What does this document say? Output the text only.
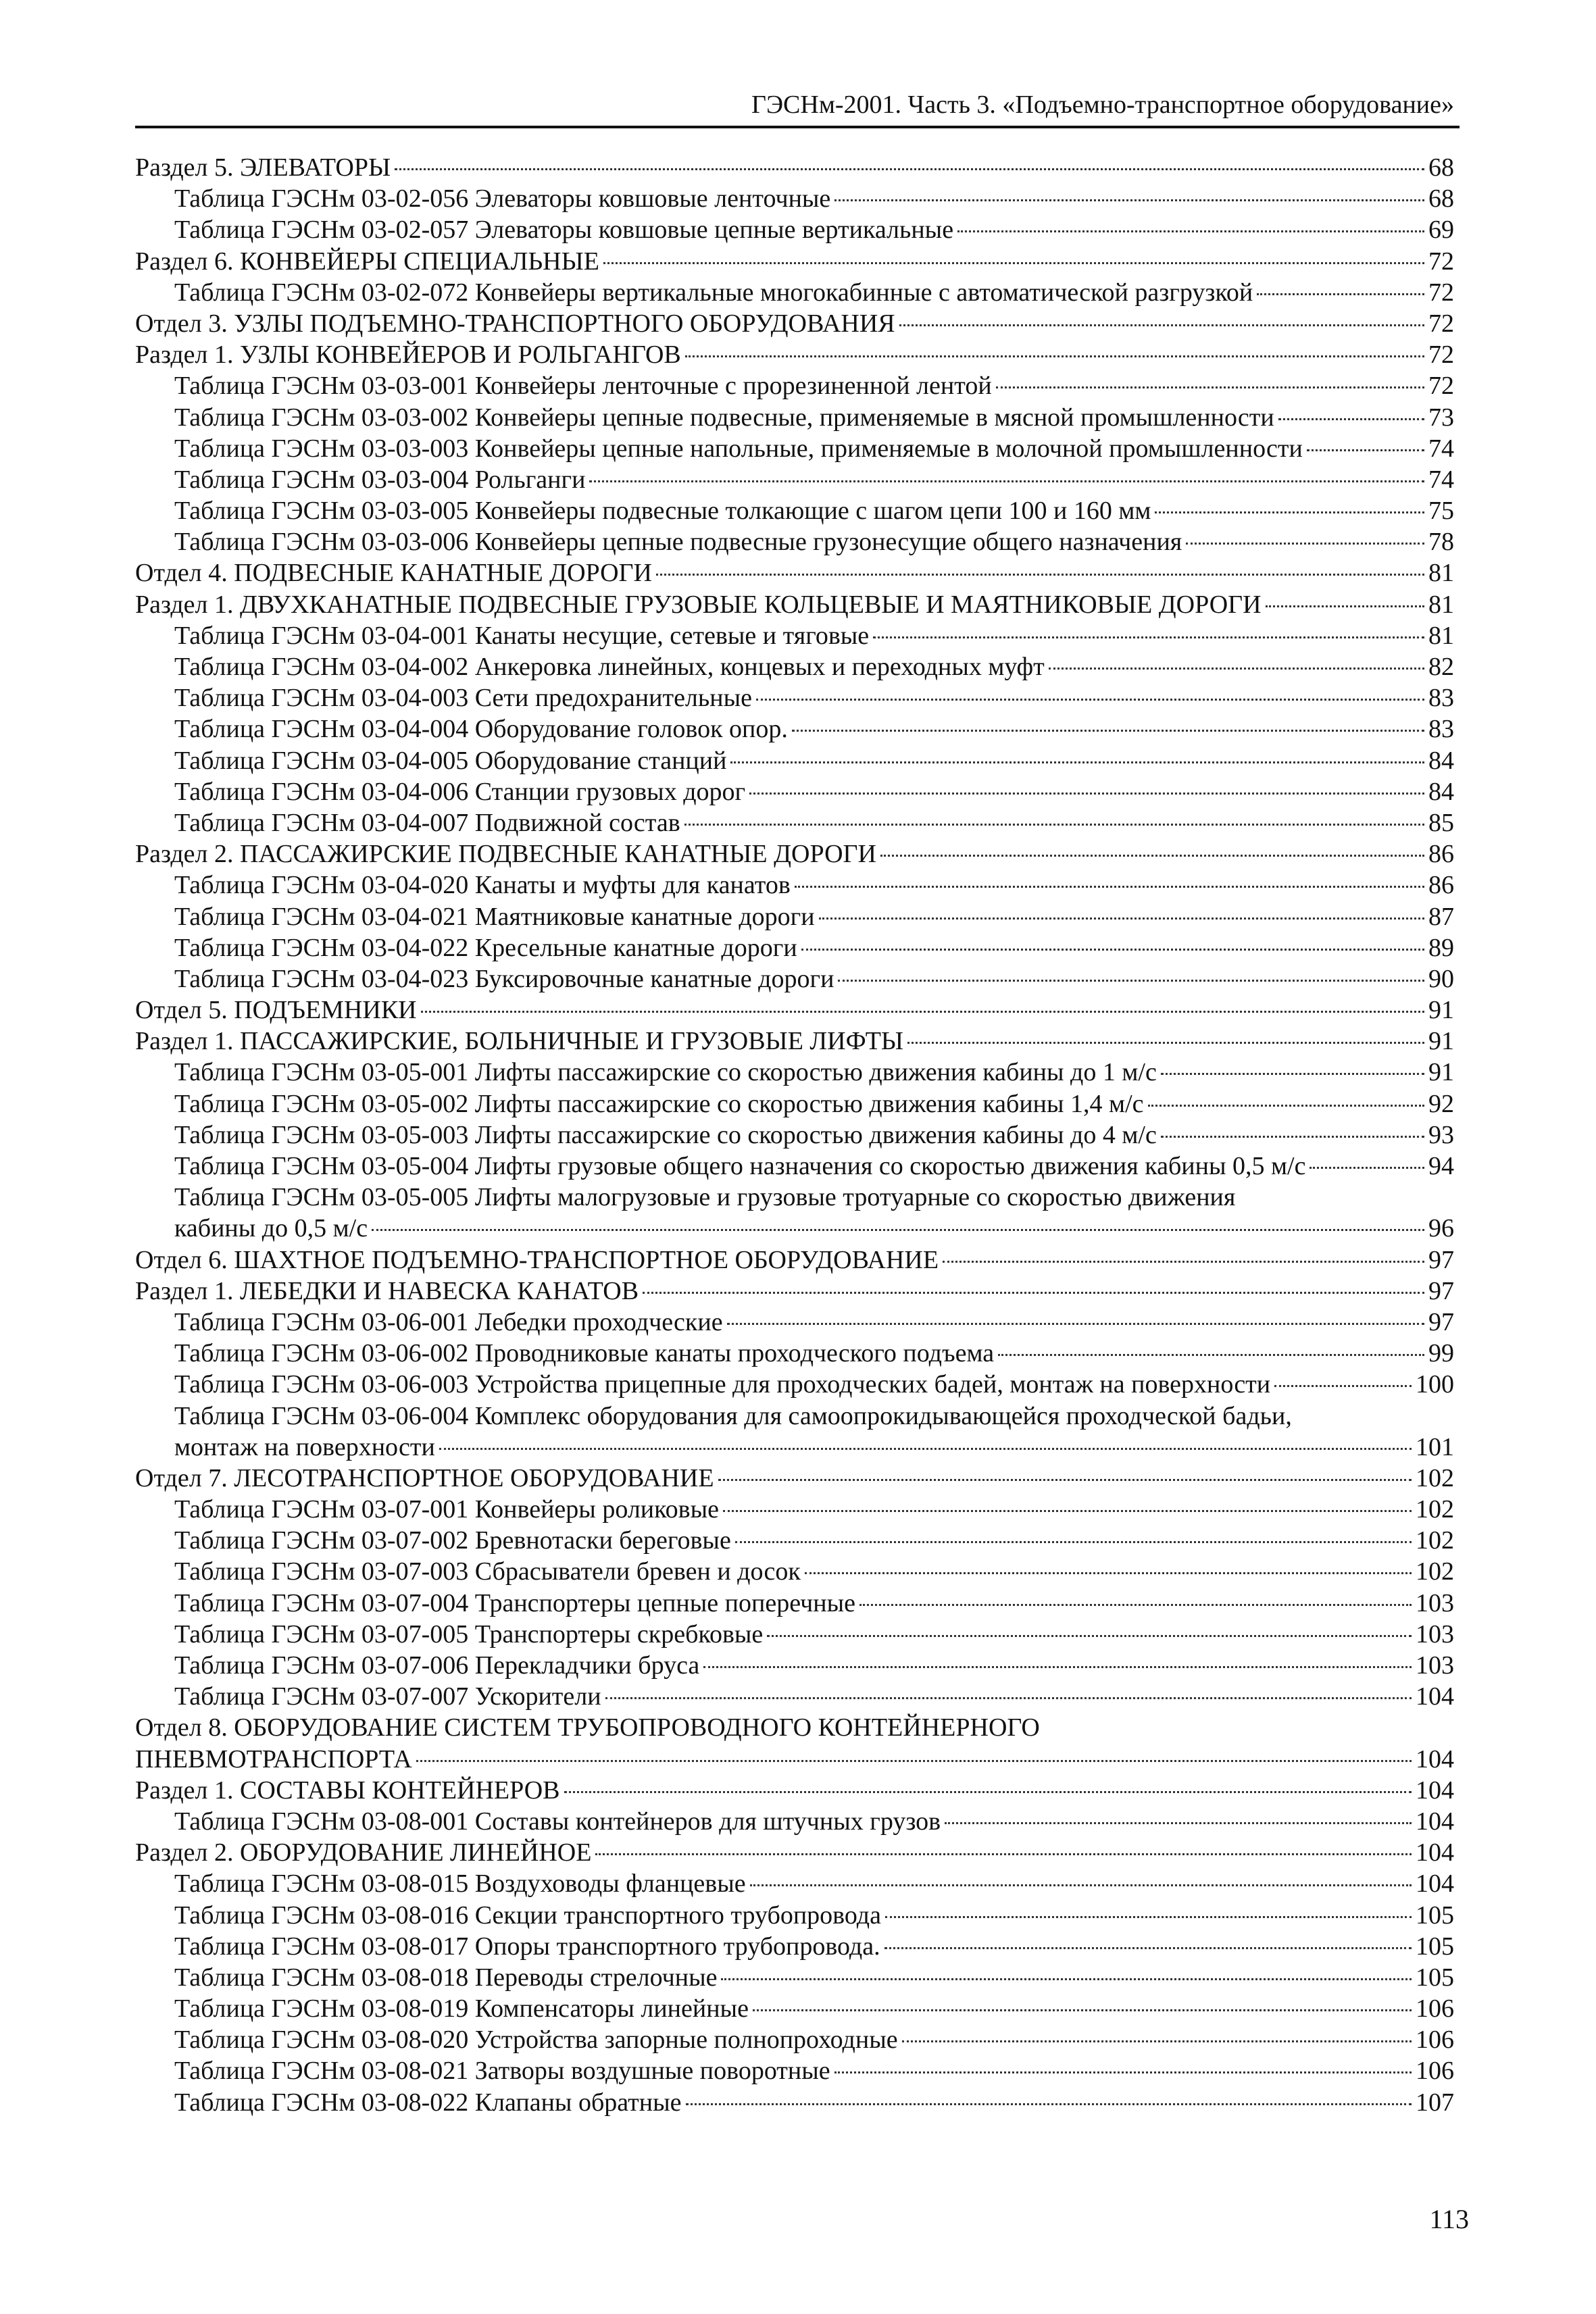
ГЭСНм-2001. Часть 3. «Подъемно-транспортное оборудование»
Раздел 5. ЭЛЕВАТОРЫ	68
Таблица ГЭСНм 03-02-056 Элеваторы ковшовые ленточные	68
Таблица ГЭСНм 03-02-057 Элеваторы ковшовые цепные вертикальные	69
Раздел 6. КОНВЕЙЕРЫ СПЕЦИАЛЬНЫЕ	72
Таблица ГЭСНм 03-02-072 Конвейеры вертикальные многокабинные с автоматической разгрузкой	72
Отдел 3. УЗЛЫ ПОДЪЕМНО-ТРАНСПОРТНОГО ОБОРУДОВАНИЯ	72
Раздел 1. УЗЛЫ КОНВЕЙЕРОВ И РОЛЬГАНГОВ	72
Таблица ГЭСНм 03-03-001 Конвейеры ленточные с прорезиненной лентой	72
Таблица ГЭСНм 03-03-002 Конвейеры цепные подвесные, применяемые в мясной промышленности	73
Таблица ГЭСНм 03-03-003 Конвейеры цепные напольные, применяемые в молочной промышленности	74
Таблица ГЭСНм 03-03-004 Рольганги	74
Таблица ГЭСНм 03-03-005 Конвейеры подвесные толкающие с шагом цепи 100 и 160 мм	75
Таблица ГЭСНм 03-03-006 Конвейеры цепные подвесные грузонесущие общего назначения	78
Отдел 4. ПОДВЕСНЫЕ КАНАТНЫЕ ДОРОГИ	81
Раздел 1. ДВУХКАНАТНЫЕ ПОДВЕСНЫЕ ГРУЗОВЫЕ КОЛЬЦЕВЫЕ И МАЯТНИКОВЫЕ ДОРОГИ	81
Таблица ГЭСНм 03-04-001 Канаты несущие, сетевые и тяговые	81
Таблица ГЭСНм 03-04-002 Анкеровка линейных, концевых и переходных муфт	82
Таблица ГЭСНм 03-04-003 Сети предохранительные	83
Таблица ГЭСНм 03-04-004 Оборудование головок опор.	83
Таблица ГЭСНм 03-04-005 Оборудование станций	84
Таблица ГЭСНм 03-04-006 Станции грузовых дорог	84
Таблица ГЭСНм 03-04-007 Подвижной состав	85
Раздел 2. ПАССАЖИРСКИЕ ПОДВЕСНЫЕ КАНАТНЫЕ ДОРОГИ	86
Таблица ГЭСНм 03-04-020 Канаты и муфты для канатов	86
Таблица ГЭСНм 03-04-021 Маятниковые канатные дороги	87
Таблица ГЭСНм 03-04-022 Кресельные канатные дороги	89
Таблица ГЭСНм 03-04-023 Буксировочные канатные дороги	90
Отдел 5. ПОДЪЕМНИКИ	91
Раздел 1. ПАССАЖИРСКИЕ, БОЛЬНИЧНЫЕ И ГРУЗОВЫЕ ЛИФТЫ	91
Таблица ГЭСНм 03-05-001 Лифты пассажирские со скоростью движения кабины до 1 м/с	91
Таблица ГЭСНм 03-05-002 Лифты пассажирские со скоростью движения кабины 1,4 м/с	92
Таблица ГЭСНм 03-05-003 Лифты пассажирские со скоростью движения кабины до 4 м/с	93
Таблица ГЭСНм 03-05-004 Лифты грузовые общего назначения со скоростью движения кабины 0,5 м/с	94
Таблица ГЭСНм 03-05-005 Лифты малогрузовые и грузовые тротуарные со скоростью движения
кабины до 0,5 м/с	96
Отдел 6. ШАХТНОЕ ПОДЪЕМНО-ТРАНСПОРТНОЕ ОБОРУДОВАНИЕ	97
Раздел 1. ЛЕБЕДКИ И НАВЕСКА КАНАТОВ	97
Таблица ГЭСНм 03-06-001 Лебедки проходческие	97
Таблица ГЭСНм 03-06-002 Проводниковые канаты проходческого подъема	99
Таблица ГЭСНм 03-06-003 Устройства прицепные для проходческих бадей, монтаж на поверхности	100
Таблица ГЭСНм 03-06-004 Комплекс оборудования для самоопрокидывающейся проходческой бадьи,
монтаж на поверхности	101
Отдел 7. ЛЕСОТРАНСПОРТНОЕ ОБОРУДОВАНИЕ	102
Таблица ГЭСНм 03-07-001 Конвейеры роликовые	102
Таблица ГЭСНм 03-07-002 Бревнотаски береговые	102
Таблица ГЭСНм 03-07-003 Сбрасыватели бревен и досок	102
Таблица ГЭСНм 03-07-004 Транспортеры цепные поперечные	103
Таблица ГЭСНм 03-07-005 Транспортеры скребковые	103
Таблица ГЭСНм 03-07-006 Перекладчики бруса	103
Таблица ГЭСНм 03-07-007 Ускорители	104
Отдел 8. ОБОРУДОВАНИЕ СИСТЕМ ТРУБОПРОВОДНОГО КОНТЕЙНЕРНОГО
ПНЕВМОТРАНСПОРТА	104
Раздел 1. СОСТАВЫ КОНТЕЙНЕРОВ	104
Таблица ГЭСНм 03-08-001 Составы контейнеров для штучных грузов	104
Раздел 2. ОБОРУДОВАНИЕ ЛИНЕЙНОЕ	104
Таблица ГЭСНм 03-08-015 Воздуховоды фланцевые	104
Таблица ГЭСНм 03-08-016 Секции транспортного трубопровода	105
Таблица ГЭСНм 03-08-017 Опоры транспортного трубопровода.	105
Таблица ГЭСНм 03-08-018 Переводы стрелочные	105
Таблица ГЭСНм 03-08-019 Компенсаторы линейные	106
Таблица ГЭСНм 03-08-020 Устройства запорные полнопроходные	106
Таблица ГЭСНм 03-08-021 Затворы воздушные поворотные	106
Таблица ГЭСНм 03-08-022 Клапаны обратные	107
113
